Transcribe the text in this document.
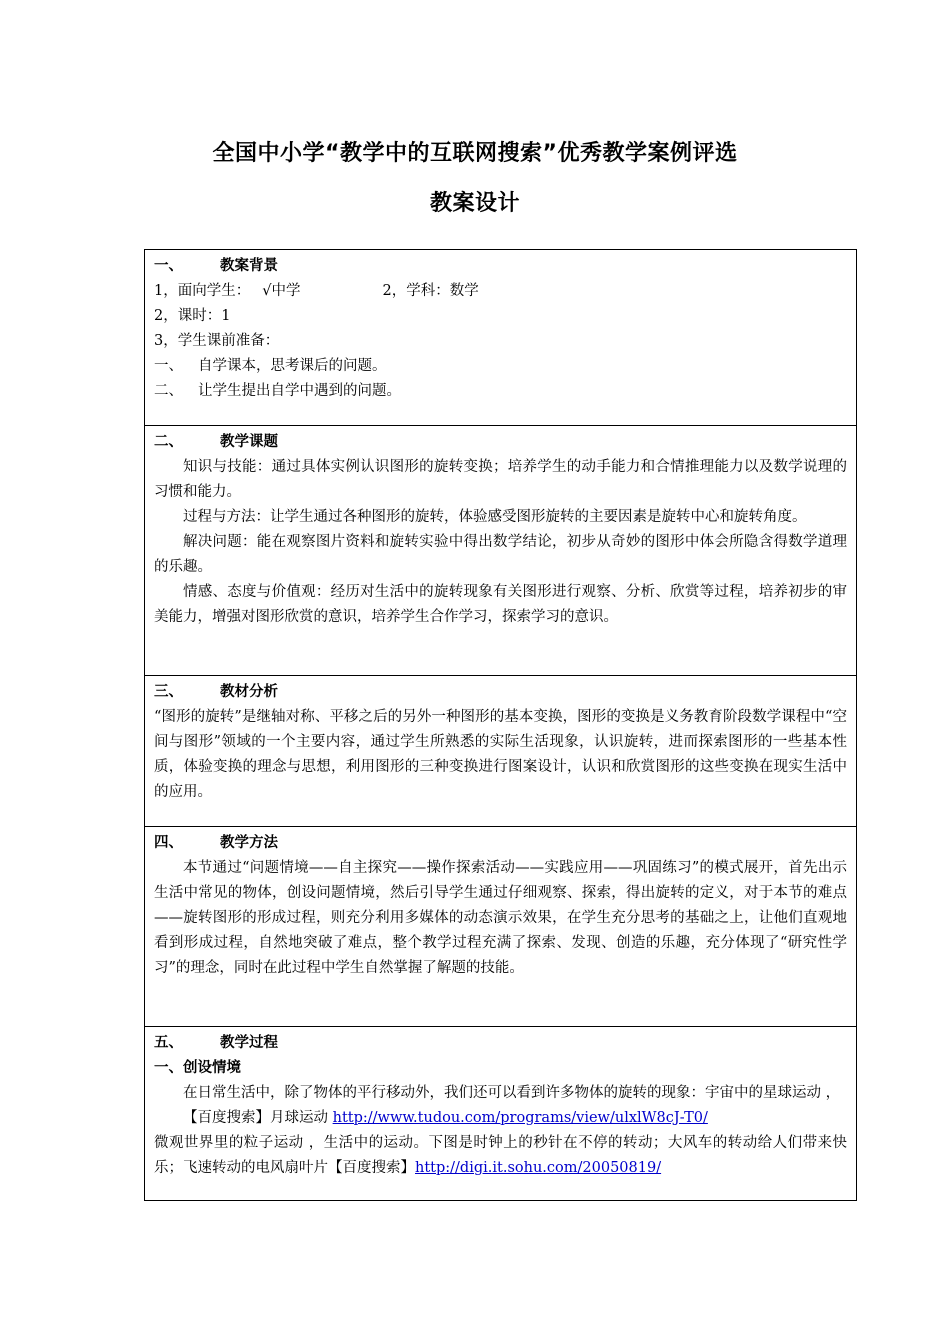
全国中小学“教学中的互联网搜索”优秀教学案例评选
教案设计
一、	教案背景
1，面向学生： √中学	2，学科：数学
2，课时：1
3，学生课前准备：
一、 自学课本，思考课后的问题。
二、 让学生提出自学中遇到的问题。
二、	教学课题
知识与技能：通过具体实例认识图形的旋转变换；培养学生的动手能力和合情推理能力以及数学说理的习惯和能力。
过程与方法：让学生通过各种图形的旋转，体验感受图形旋转的主要因素是旋转中心和旋转角度。
解决问题：能在观察图片资料和旋转实验中得出数学结论，初步从奇妙的图形中体会所隐含得数学道理的乐趣。
情感、态度与价值观：经历对生活中的旋转现象有关图形进行观察、分析、欣赏等过程，培养初步的审美能力，增强对图形欣赏的意识，培养学生合作学习，探索学习的意识。
三、	教材分析
“图形的旋转”是继轴对称、平移之后的另外一种图形的基本变换，图形的变换是义务教育阶段数学课程中“空间与图形”领域的一个主要内容，通过学生所熟悉的实际生活现象，认识旋转，进而探索图形的一些基本性质，体验变换的理念与思想，利用图形的三种变换进行图案设计，认识和欣赏图形的这些变换在现实生活中的应用。
四、	教学方法
本节通过“问题情境——自主探究——操作探索活动——实践应用——巩固练习”的模式展开，首先出示生活中常见的物体，创设问题情境，然后引导学生通过仔细观察、探索，得出旋转的定义，对于本节的难点——旋转图形的形成过程，则充分利用多媒体的动态演示效果，在学生充分思考的基础之上，让他们直观地看到形成过程，自然地突破了难点，整个教学过程充满了探索、发现、创造的乐趣，充分体现了“研究性学习”的理念，同时在此过程中学生自然掌握了解题的技能。
五、	教学过程
一、创设情境
在日常生活中，除了物体的平行移动外，我们还可以看到许多物体的旋转的现象：宇宙中的星球运动 ，
【百度搜索】月球运动 http://www.tudou.com/programs/view/ulxlW8cJ-T0/
微观世界里的粒子运动 ，生活中的运动。下图是时钟上的秒针在不停的转动；大风车的转动给人们带来快乐；飞速转动的电风扇叶片【百度搜索】http://digi.it.sohu.com/20050819/
